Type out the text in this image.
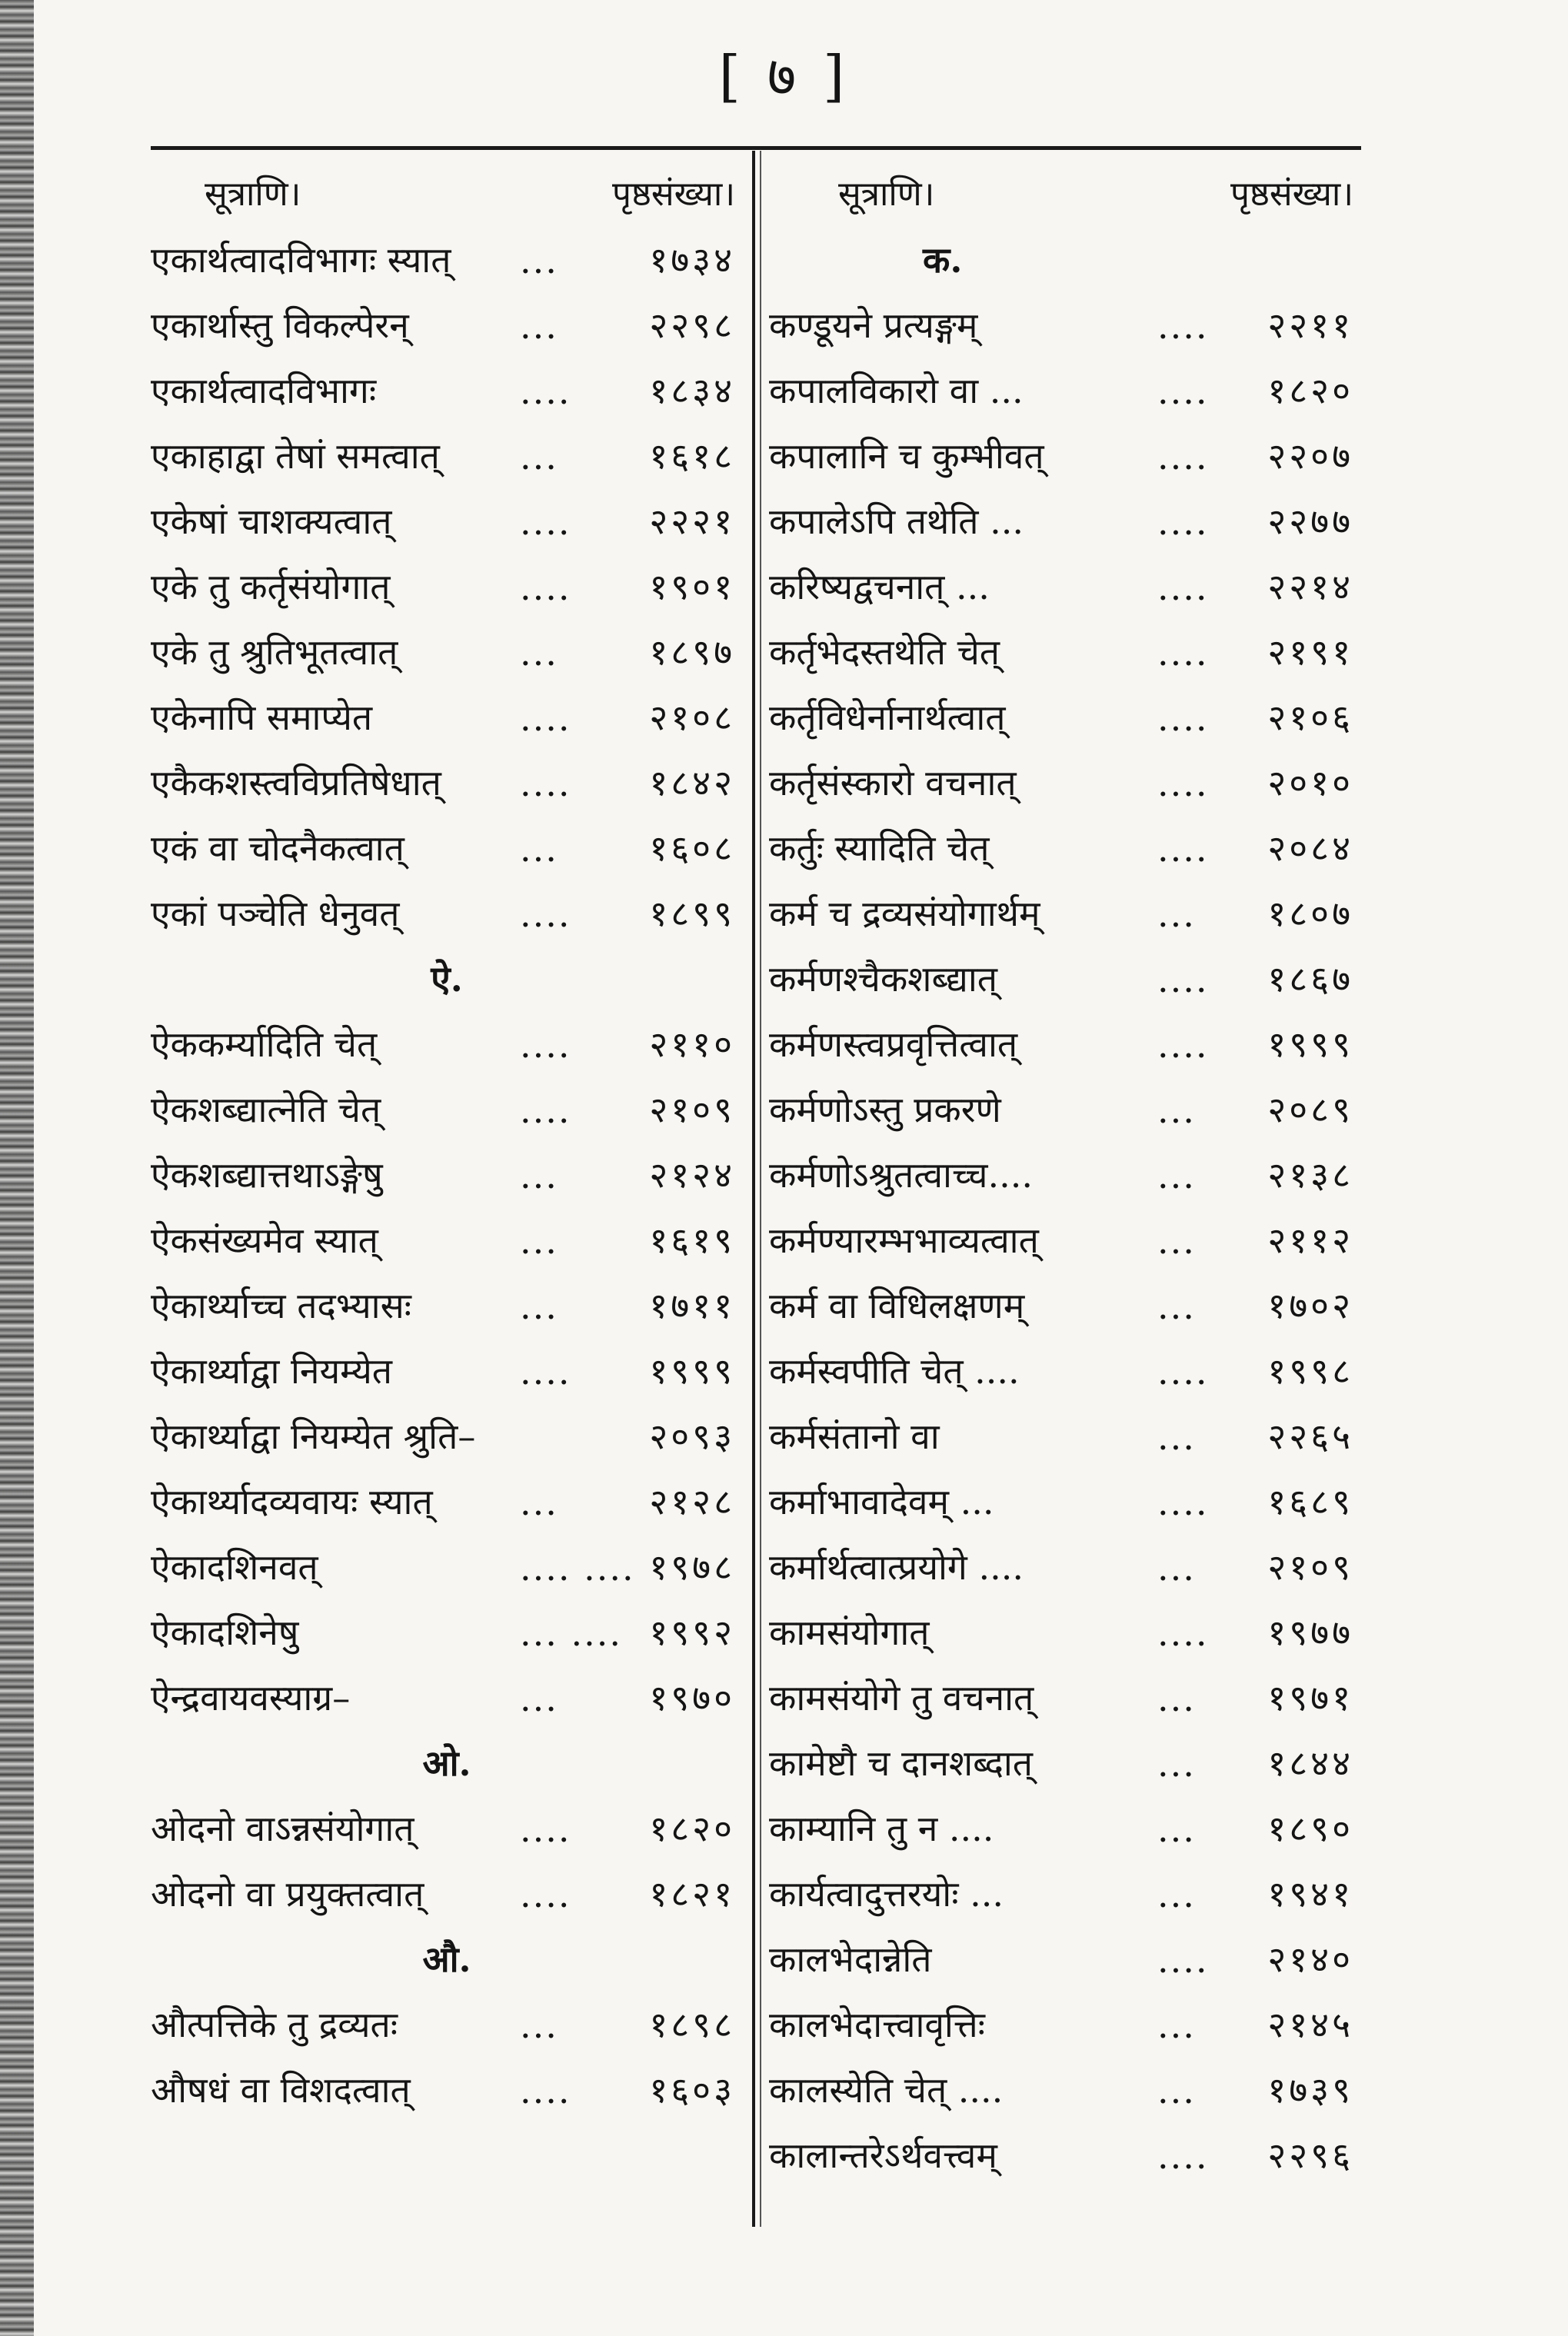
[ ७ ]
सूत्राणि।	पृष्ठसंख्या।
एकार्थत्वादविभागः स्यात् ...	१७३४
एकार्थास्तु विकल्पेरन्	...	२२९८
एकार्थत्वादविभागः	.... १८३४
एकाहाद्वा तेषां समत्वात् ...	१६१८
एकेषां चाशक्यत्वात्	.... २२२१
एके तु कर्तृसंयोगात्	.... १९०१
एके तु श्रुतिभूतत्वात्	...	१८९७
एकेनापि समाप्येत	.... २१०८
एकैकशस्त्वविप्रतिषेधात् .... १८४२
एकं वा चोदनैकत्वात्	...	१६०८
एकां पञ्चेति धेनुवत्	.... १८९९
ऐ.
ऐककर्म्यादिति चेत्	.... २११०
ऐकशब्द्यात्नेति चेत्	.... २१०९
ऐकशब्द्यात्तथाऽङ्गेषु	...	२१२४
ऐकसंख्यमेव स्यात्	...	१६१९
ऐकार्थ्याच्च तदभ्यासः	...	१७११
ऐकार्थ्याद्वा नियम्येत	.... १९९९
ऐकार्थ्याद्वा नियम्येत श्रुति–	२०९३
ऐकार्थ्यादव्यवायः स्यात् ...	२१२८
ऐकादशिनवत्	.... .... १९७८
ऐकादशिनेषु	... .... १९९२
ऐन्द्रवायवस्याग्र–	...	१९७०
ओ.
ओदनो वाऽन्नसंयोगात्	.... १८२०
ओदनो वा प्रयुक्तत्वात्	.... १८२१
औ.
औत्पत्तिके तु द्रव्यतः	...	१८९८
औषधं वा विशदत्वात्	.... १६०३
सूत्राणि।	पृष्ठसंख्या।
क.
कण्डूयने प्रत्यङ्गम्	.... २२११
कपालविकारो वा ...	.... १८२०
कपालानि च कुम्भीवत्	.... २२०७
कपालेऽपि तथेति ...	.... २२७७
करिष्यद्वचनात् ...	.... २२१४
कर्तृभेदस्तथेति चेत्	.... २१९१
कर्तृविधेर्नानार्थत्वात्	.... २१०६
कर्तृसंस्कारो वचनात्	.... २०१०
कर्तुः स्यादिति चेत्	.... २०८४
कर्म च द्रव्यसंयोगार्थम्	... १८०७
कर्मणश्चैकशब्द्यात्	.... १८६७
कर्मणस्त्वप्रवृत्तित्वात्	.... १९९९
कर्मणोऽस्तु प्रकरणे	... २०८९
कर्मणोऽश्रुतत्वाच्च....	... २१३८
कर्मण्यारम्भभाव्यत्वात्	... २११२
कर्म वा विधिलक्षणम्	... १७०२
कर्मस्वपीति चेत् ....	.... १९९८
कर्मसंतानो वा	... २२६५
कर्माभावादेवम् ...	.... १६८९
कर्मार्थत्वात्प्रयोगे ....	... २१०९
कामसंयोगात्	.... १९७७
कामसंयोगे तु वचनात्	... १९७१
कामेष्टौ च दानशब्दात्	... १८४४
काम्यानि तु न ....	... १८९०
कार्यत्वादुत्तरयोः ...	... १९४१
कालभेदान्नेति	.... २१४०
कालभेदात्त्वावृत्तिः	... २१४५
कालस्येति चेत् ....	... १७३९
कालान्तरेऽर्थवत्त्वम्	.... २२९६
